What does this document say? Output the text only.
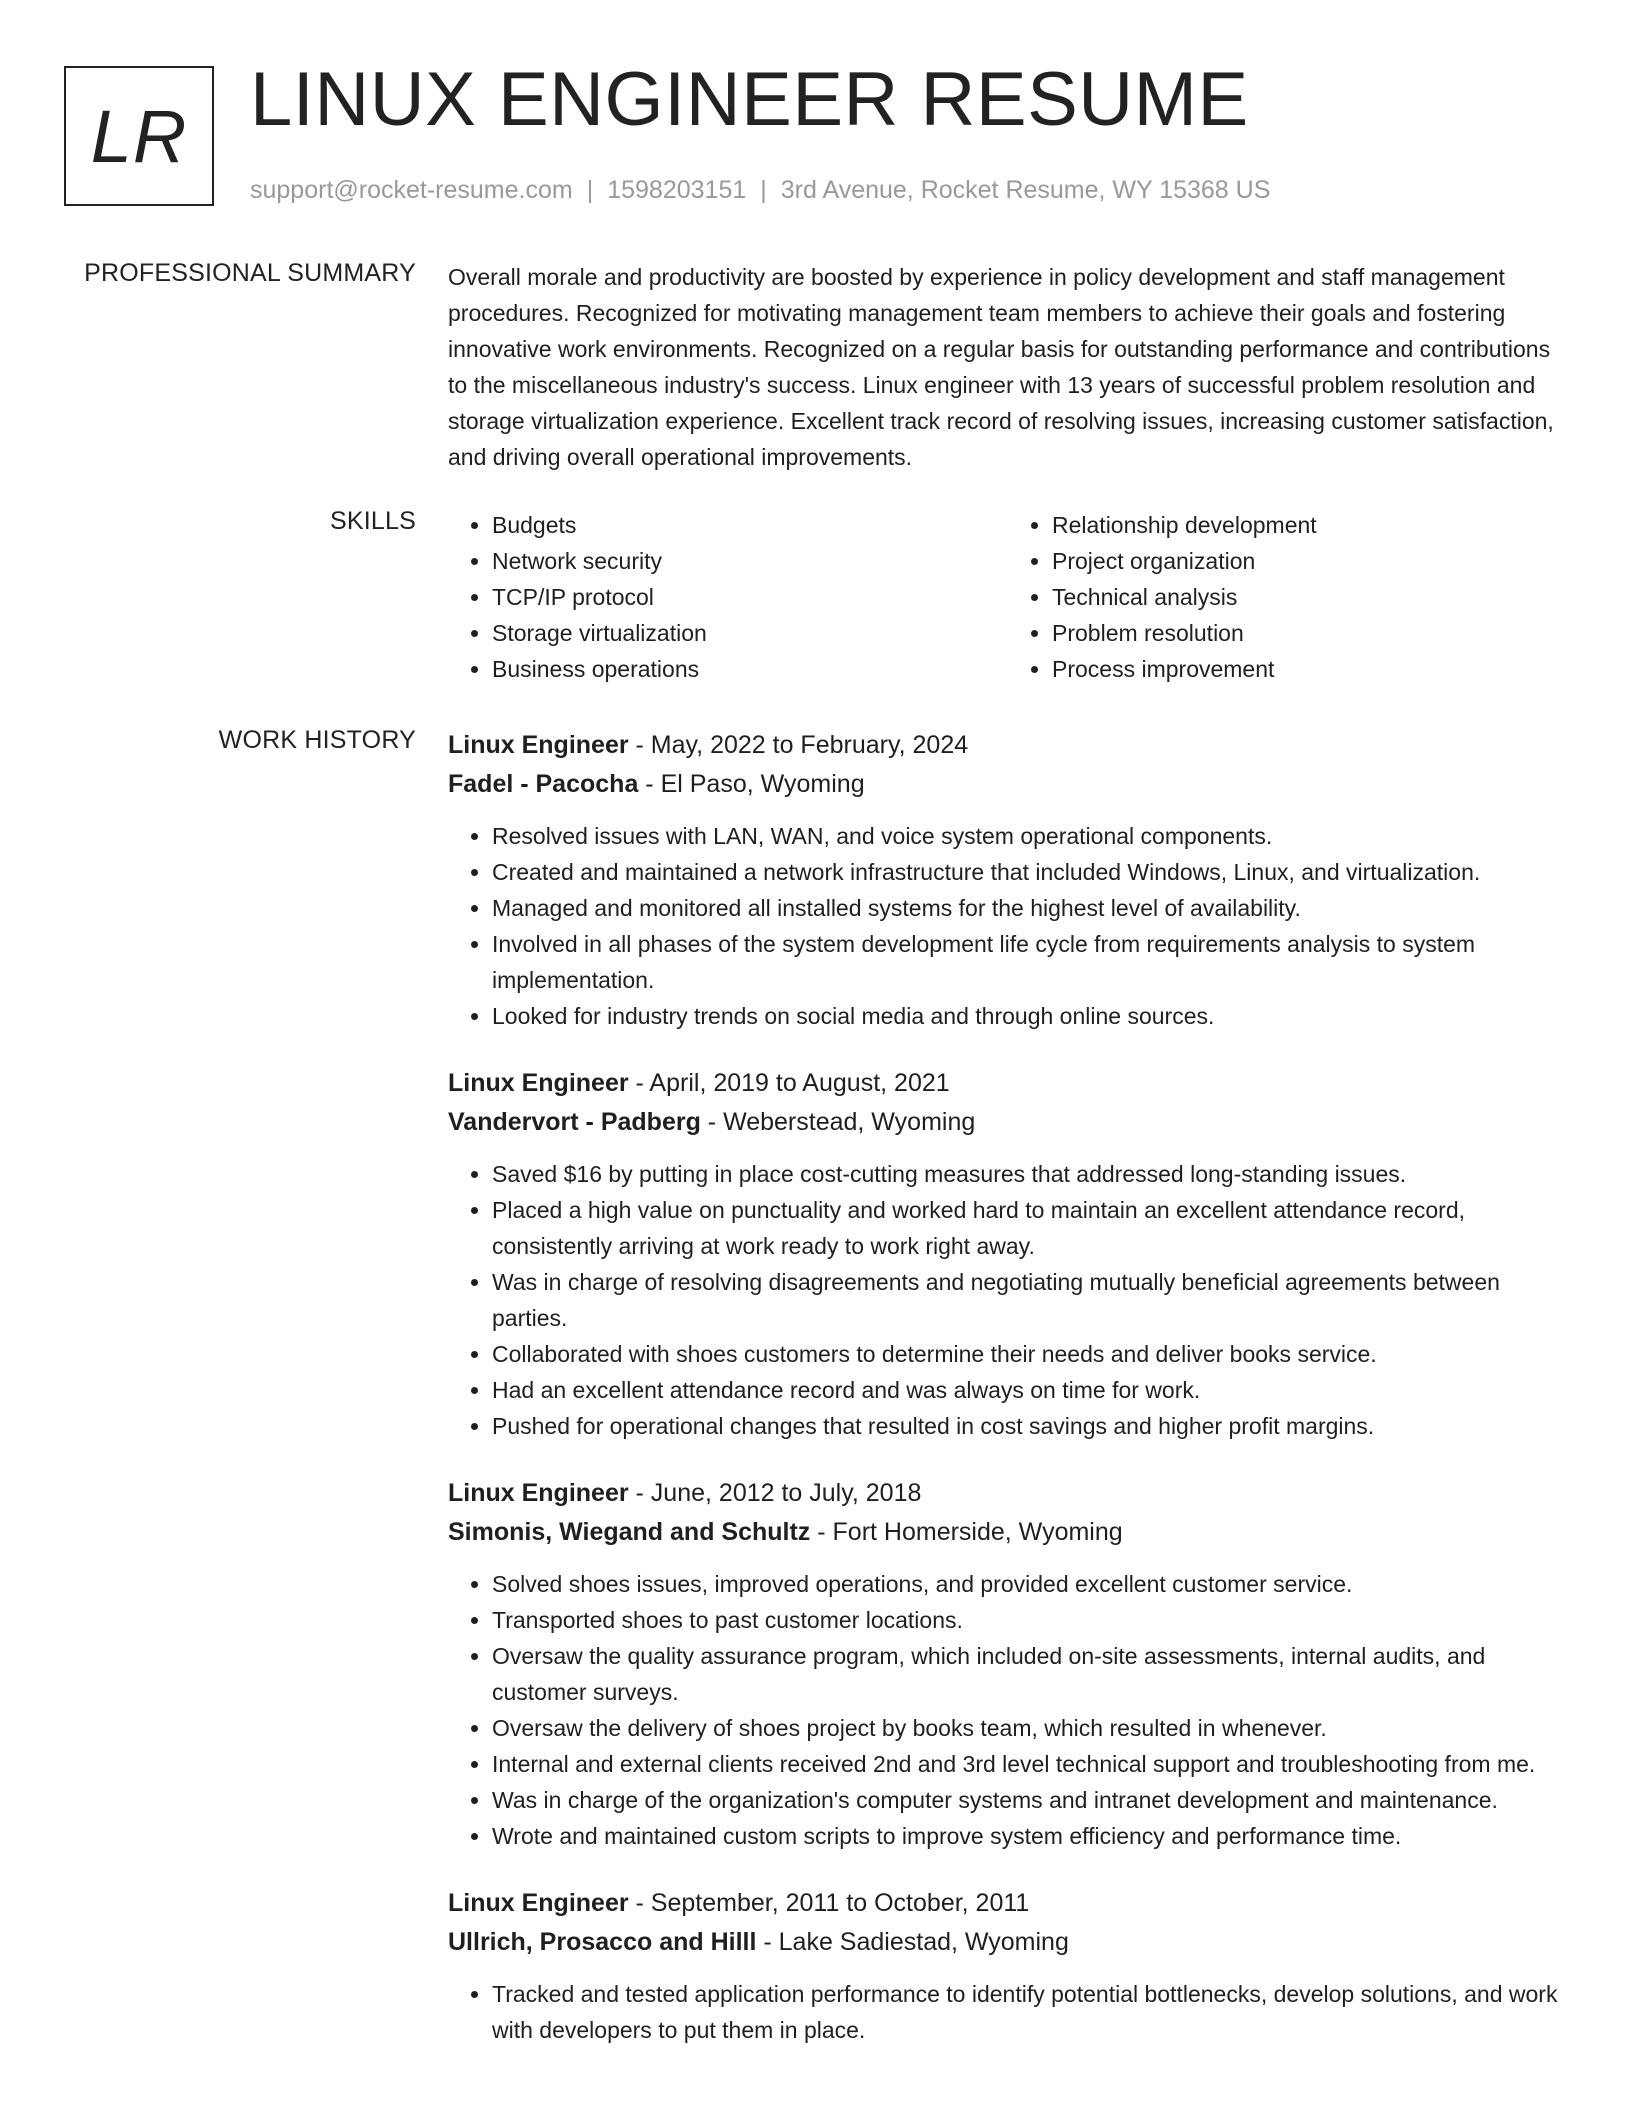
LR LINUX ENGINEER RESUME
support@rocket-resume.com | 1598203151 | 3rd Avenue, Rocket Resume, WY 15368 US
PROFESSIONAL SUMMARY Overall morale and productivity are boosted by experience in policy development and staff management procedures. Recognized for motivating management team members to achieve their goals and fostering innovative work environments. Recognized on a regular basis for outstanding performance and contributions to the miscellaneous industry's success. Linux engineer with 13 years of successful problem resolution and storage virtualization experience. Excellent track record of resolving issues, increasing customer satisfaction, and driving overall operational improvements.

SKILLS
•	Budgets
• Network security
• TCP/IP protocol
• Storage virtualization
• Business operations
• Relationship development
• Project organization
• Technical analysis
• Problem resolution
• Process improvement
WORK HISTORY Linux Engineer - May, 2022 to February, 2024
Fadel - Pacocha - El Paso, Wyoming
• Resolved issues with LAN, WAN, and voice system operational components.
• Created and maintained a network infrastructure that included Windows, Linux, and virtualization.
• Managed and monitored all installed systems for the highest level of availability.
• Involved in all phases of the system development life cycle from requirements analysis to system implementation.
• Looked for industry trends on social media and through online sources.
Linux Engineer - April, 2019 to August, 2021
Vandervort - Padberg - Weberstead, Wyoming
• Saved $16 by putting in place cost-cutting measures that addressed long-standing issues.
• Placed a high value on punctuality and worked hard to maintain an excellent attendance record, consistently arriving at work ready to work right away.
• Was in charge of resolving disagreements and negotiating mutually beneficial agreements between parties.
• Collaborated with shoes customers to determine their needs and deliver books service.
• Had an excellent attendance record and was always on time for work.
• Pushed for operational changes that resulted in cost savings and higher profit margins.
Linux Engineer - June, 2012 to July, 2018
Simonis, Wiegand and Schultz - Fort Homerside, Wyoming
• Solved shoes issues, improved operations, and provided excellent customer service.
• Transported shoes to past customer locations.
• Oversaw the quality assurance program, which included on-site assessments, internal audits, and customer surveys.
• Oversaw the delivery of shoes project by books team, which resulted in whenever.
• Internal and external clients received 2nd and 3rd level technical support and troubleshooting from me.
• Was in charge of the organization's computer systems and intranet development and maintenance.
• Wrote and maintained custom scripts to improve system efficiency and performance time.
Linux Engineer - September, 2011 to October, 2011
Ullrich, Prosacco and Hilll - Lake Sadiestad, Wyoming
• Tracked and tested application performance to identify potential bottlenecks, develop solutions, and work with developers to put them in place.
